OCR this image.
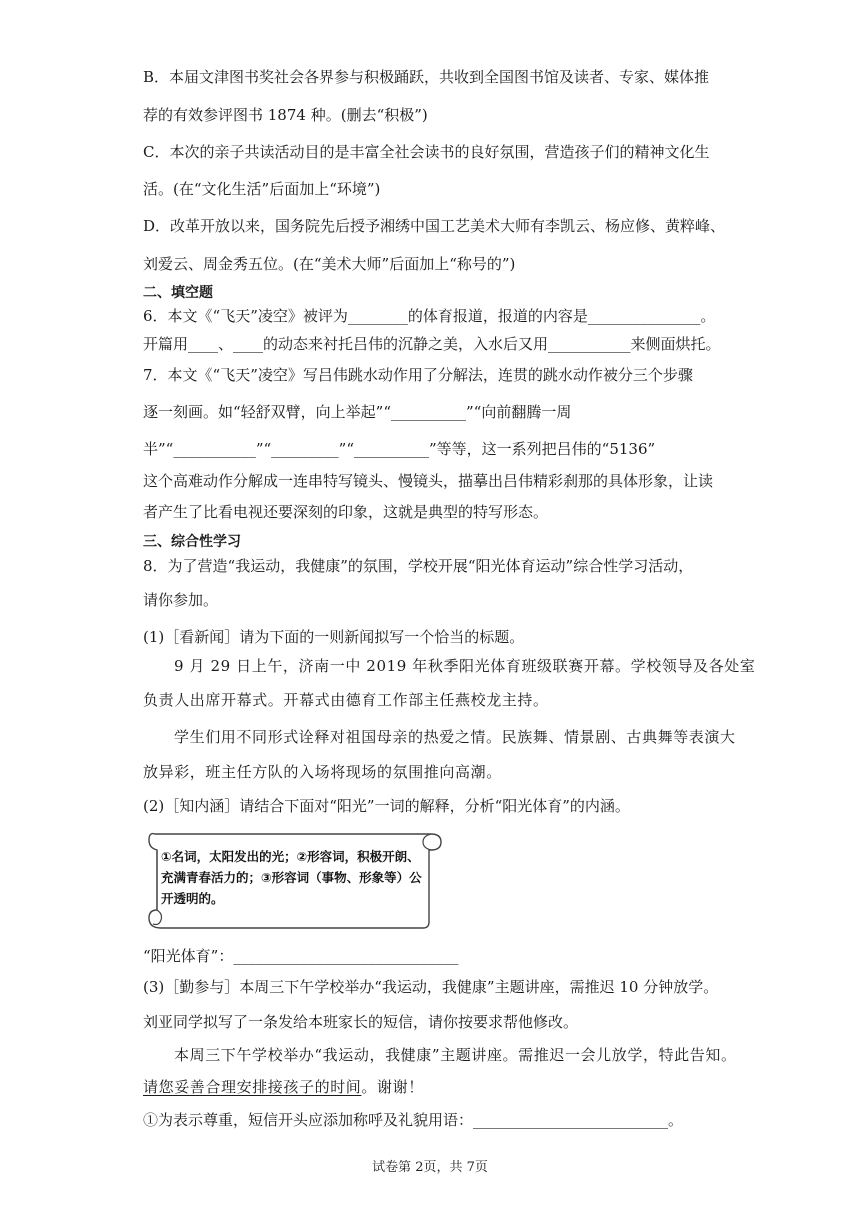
B．本届文津图书奖社会各界参与积极踊跃，共收到全国图书馆及读者、专家、媒体推
荐的有效参评图书 1874 种。(删去“积极”)
C．本次的亲子共读活动目的是丰富全社会读书的良好氛围，营造孩子们的精神文化生
活。(在“文化生活”后面加上“环境”)
D．改革开放以来，国务院先后授予湘绣中国工艺美术大师有李凯云、杨应修、黄粹峰、
刘爱云、周金秀五位。(在“美术大师”后面加上“称号的”)
二、填空题
6．本文《“飞天”凌空》被评为________的体育报道，报道的内容是_______________。
开篇用____、____的动态来衬托吕伟的沉静之美，入水后又用___________来侧面烘托。
7．本文《“飞天”凌空》写吕伟跳水动作用了分解法，连贯的跳水动作被分三个步骤
逐一刻画。如“轻舒双臂，向上举起”“__________”“向前翻腾一周
半”“___________”“_________”“__________”等等，这一系列把吕伟的“5136”
这个高难动作分解成一连串特写镜头、慢镜头，描摹出吕伟精彩刹那的具体形象，让读
者产生了比看电视还要深刻的印象，这就是典型的特写形态。
三、综合性学习
8．为了营造“我运动，我健康”的氛围，学校开展“阳光体育运动”综合性学习活动，
请你参加。
(1)［看新闻］请为下面的一则新闻拟写一个恰当的标题。
9 月 29 日上午，济南一中 2019 年秋季阳光体育班级联赛开幕。学校领导及各处室
负责人出席开幕式。开幕式由德育工作部主任燕校龙主持。
学生们用不同形式诠释对祖国母亲的热爱之情。民族舞、情景剧、古典舞等表演大
放异彩，班主任方队的入场将现场的氛围推向高潮。
(2)［知内涵］请结合下面对“阳光”一词的解释，分析“阳光体育”的内涵。
①名词，太阳发出的光；②形容词，积极开朗、充满青春活力的；③形容词（事物、形象等）公开透明的。
“阳光体育”：______________________________
(3)［勤参与］本周三下午学校举办“我运动，我健康”主题讲座，需推迟 10 分钟放学。
刘亚同学拟写了一条发给本班家长的短信，请你按要求帮他修改。
本周三下午学校举办“我运动，我健康”主题讲座。需推迟一会儿放学，特此告知。
请您妥善合理安排接孩子的时间。谢谢！
①为表示尊重，短信开头应添加称呼及礼貌用语：__________________________。
试卷第 2页，共 7页
